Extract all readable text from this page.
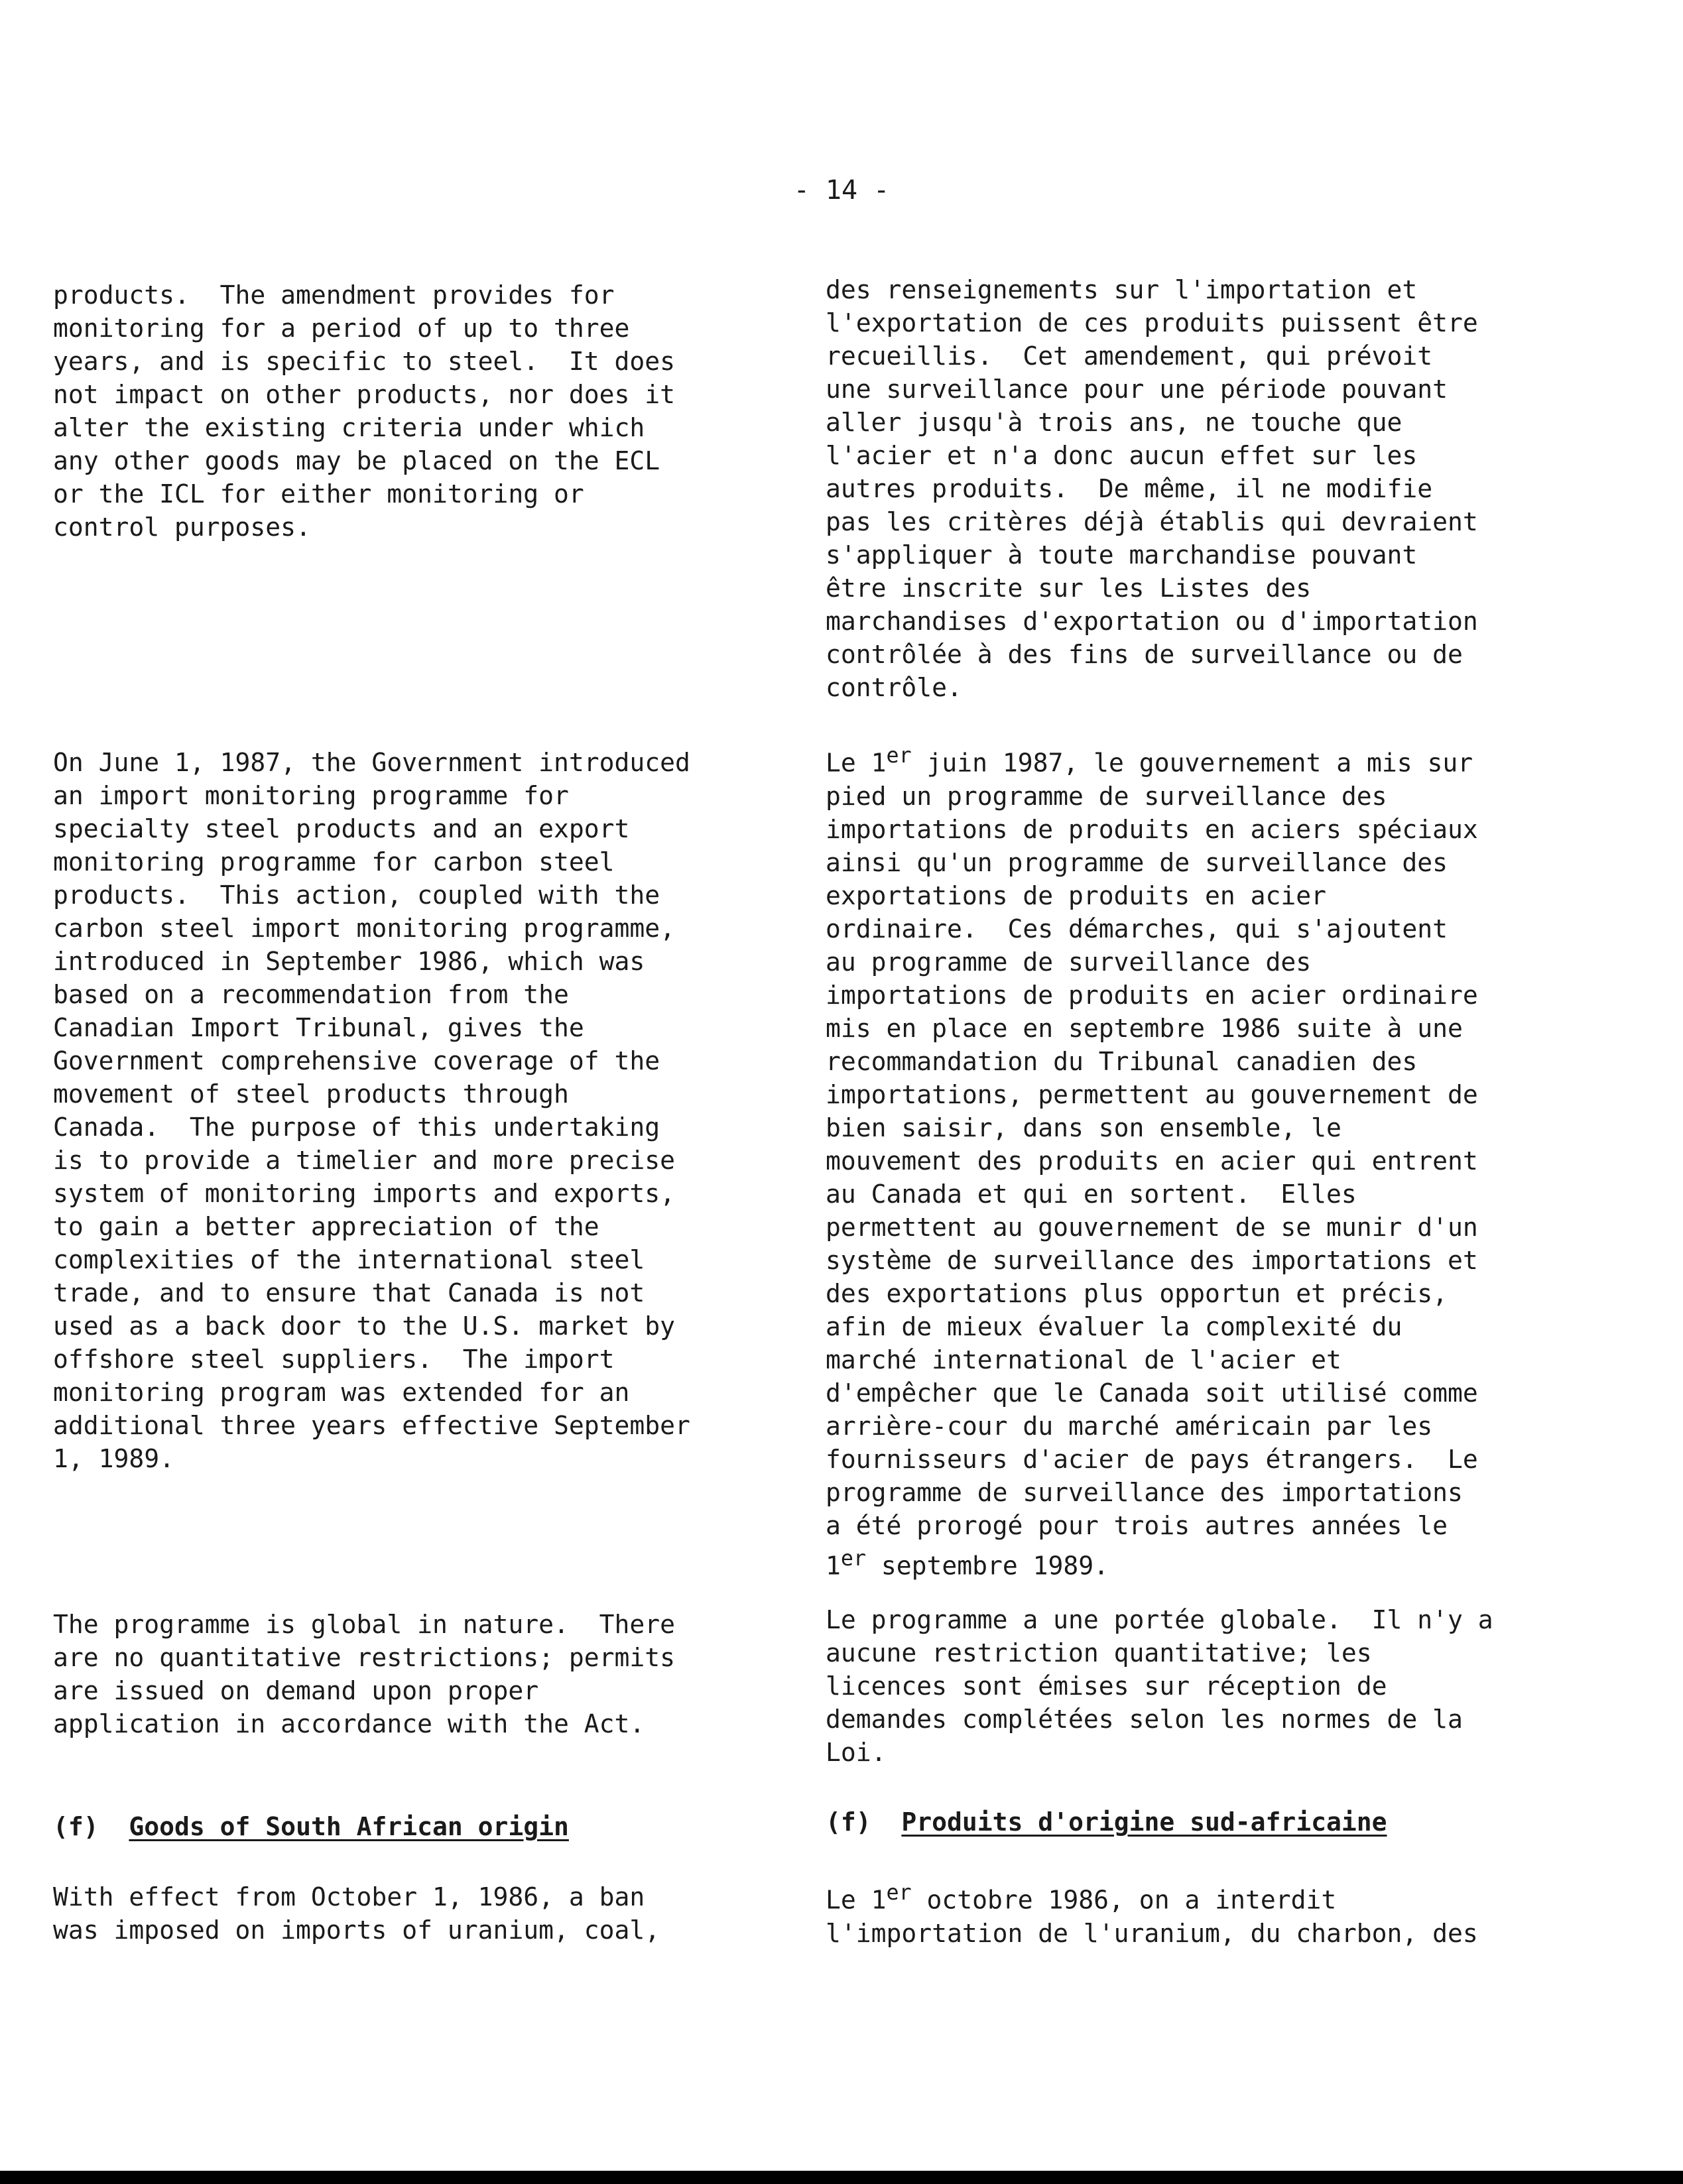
- 14 -

products.  The amendment provides for
monitoring for a period of up to three
years, and is specific to steel.  It does
not impact on other products, nor does it
alter the existing criteria under which
any other goods may be placed on the ECL
or the ICL for either monitoring or
control purposes.

On June 1, 1987, the Government introduced
an import monitoring programme for
specialty steel products and an export
monitoring programme for carbon steel
products.  This action, coupled with the
carbon steel import monitoring programme,
introduced in September 1986, which was
based on a recommendation from the
Canadian Import Tribunal, gives the
Government comprehensive coverage of the
movement of steel products through
Canada.  The purpose of this undertaking
is to provide a timelier and more precise
system of monitoring imports and exports,
to gain a better appreciation of the
complexities of the international steel
trade, and to ensure that Canada is not
used as a back door to the U.S. market by
offshore steel suppliers.  The import
monitoring program was extended for an
additional three years effective September
1, 1989.

The programme is global in nature.  There
are no quantitative restrictions; permits
are issued on demand upon proper
application in accordance with the Act.

(f) Goods of South African origin

With effect from October 1, 1986, a ban
was imposed on imports of uranium, coal,

des renseignements sur l'importation et
l'exportation de ces produits puissent être
recueillis.  Cet amendement, qui prévoit
une surveillance pour une période pouvant
aller jusqu'à trois ans, ne touche que
l'acier et n'a donc aucun effet sur les
autres produits.  De même, il ne modifie
pas les critères déjà établis qui devraient
s'appliquer à toute marchandise pouvant
être inscrite sur les Listes des
marchandises d'exportation ou d'importation
contrôlée à des fins de surveillance ou de
contrôle.

Le 1er juin 1987, le gouvernement a mis sur
pied un programme de surveillance des
importations de produits en aciers spéciaux
ainsi qu'un programme de surveillance des
exportations de produits en acier
ordinaire.  Ces démarches, qui s'ajoutent
au programme de surveillance des
importations de produits en acier ordinaire
mis en place en septembre 1986 suite à une
recommandation du Tribunal canadien des
importations, permettent au gouvernement de
bien saisir, dans son ensemble, le
mouvement des produits en acier qui entrent
au Canada et qui en sortent.  Elles
permettent au gouvernement de se munir d'un
système de surveillance des importations et
des exportations plus opportun et précis,
afin de mieux évaluer la complexité du
marché international de l'acier et
d'empêcher que le Canada soit utilisé comme
arrière-cour du marché américain par les
fournisseurs d'acier de pays étrangers.  Le
programme de surveillance des importations
a été prorogé pour trois autres années le
1er septembre 1989.

Le programme a une portée globale.  Il n'y a
aucune restriction quantitative; les
licences sont émises sur réception de
demandes complétées selon les normes de la
Loi.

(f) Produits d'origine sud-africaine

Le 1er octobre 1986, on a interdit
l'importation de l'uranium, du charbon, des
